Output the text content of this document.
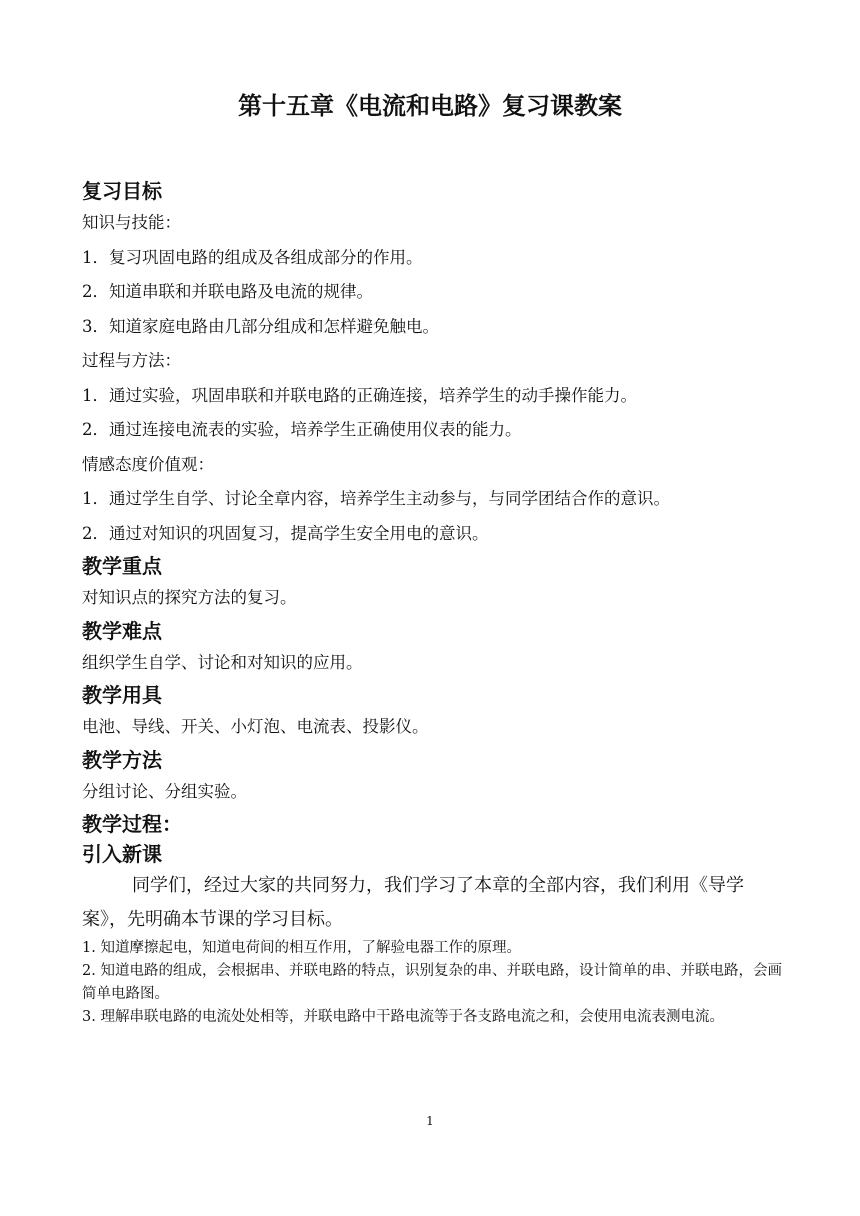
第十五章《电流和电路》复习课教案
复习目标
知识与技能：
1．复习巩固电路的组成及各组成部分的作用。
2．知道串联和并联电路及电流的规律。
3．知道家庭电路由几部分组成和怎样避免触电。
过程与方法：
1．通过实验，巩固串联和并联电路的正确连接，培养学生的动手操作能力。
2．通过连接电流表的实验，培养学生正确使用仪表的能力。
情感态度价值观：
1．通过学生自学、讨论全章内容，培养学生主动参与，与同学团结合作的意识。
2．通过对知识的巩固复习，提高学生安全用电的意识。
教学重点
对知识点的探究方法的复习。
教学难点
组织学生自学、讨论和对知识的应用。
教学用具
电池、导线、开关、小灯泡、电流表、投影仪。
教学方法
分组讨论、分组实验。
教学过程：
引入新课
同学们，经过大家的共同努力，我们学习了本章的全部内容，我们利用《导学案》，先明确本节课的学习目标。
1. 知道摩擦起电，知道电荷间的相互作用，了解验电器工作的原理。
2. 知道电路的组成，会根据串、并联电路的特点，识别复杂的串、并联电路，设计简单的串、并联电路，会画简单电路图。
3. 理解串联电路的电流处处相等，并联电路中干路电流等于各支路电流之和，会使用电流表测电流。
1
